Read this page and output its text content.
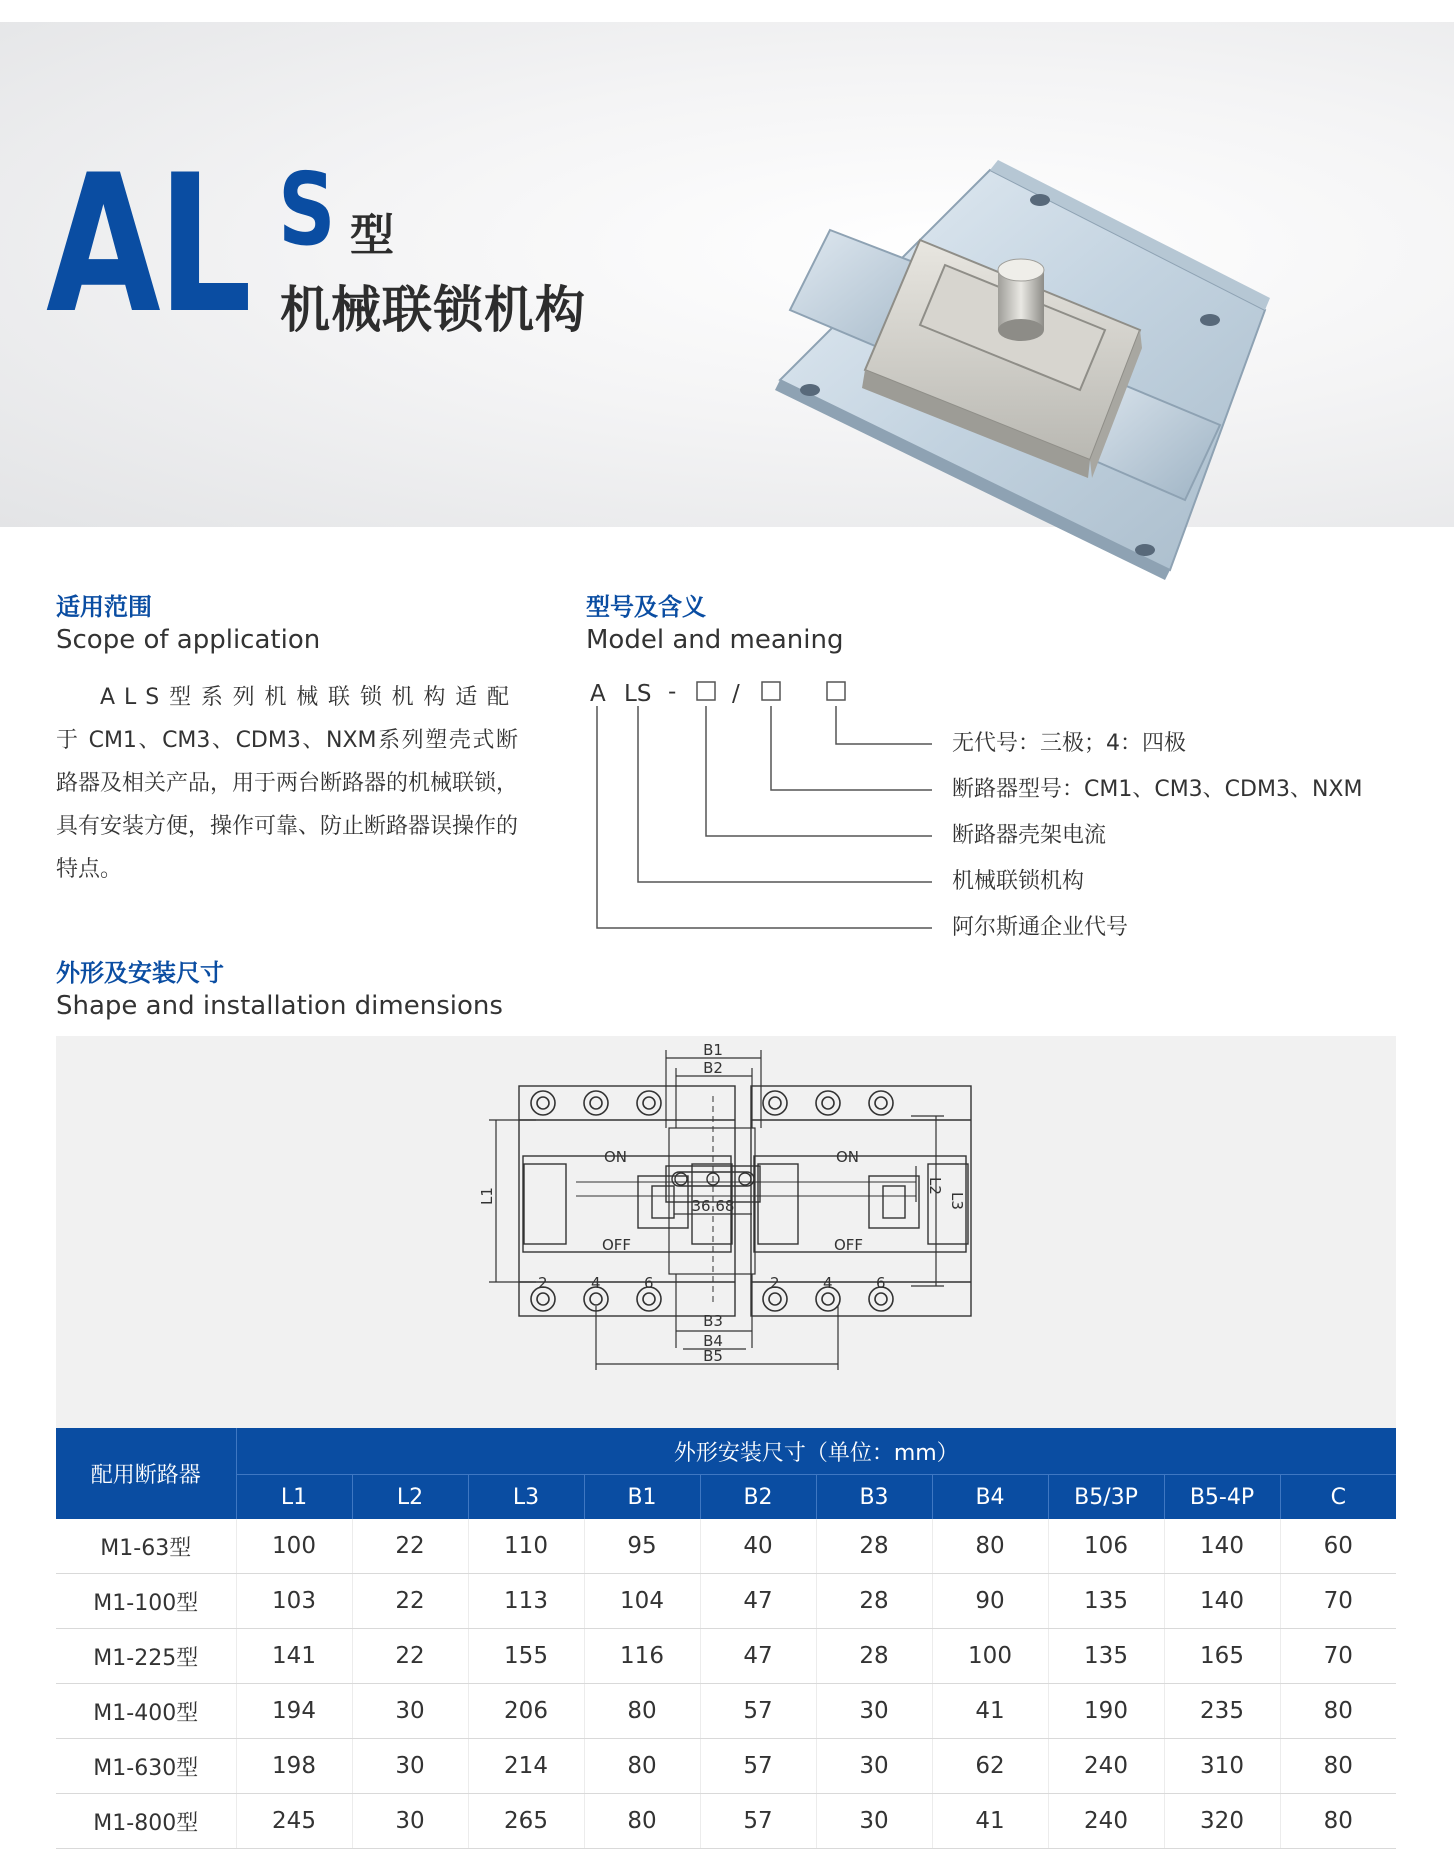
AL S 型
机械联锁机构
适用范围
Scope of application
ALS型系列机械联锁机构适配于CM1、CM3、CDM3、NXM系列塑壳式断路器及相关产品，用于两台断路器的机械联锁，具有安装方便，操作可靠、防止断路器误操作的特点。
型号及含义
Model and meaning
A LS - /
无代号：三极；4：四极
断路器型号：CM1、CM3、CDM3、NXM
断路器壳架电流
机械联锁机构
阿尔斯通企业代号
外形及安装尺寸
Shape and installation dimensions
B1
B2
36.68
B3
B4
B5
L1
L2
L3
ON	ON
OFF	OFF
2	4	6	2	4	6
配用断路器	外形安装尺寸（单位：mm）									
	L1	L2	L3	B1	B2	B3	B4	B5/3P	B5-4P	C
M1-63型	100	22	110	95	40	28	80	106	140	60
M1-100型	103	22	113	104	47	28	90	135	140	70
M1-225型	141	22	155	116	47	28	100	135	165	70
M1-400型	194	30	206	80	57	30	41	190	235	80
M1-630型	198	30	214	80	57	30	62	240	310	80
M1-800型	245	30	265	80	57	30	41	240	320	80
